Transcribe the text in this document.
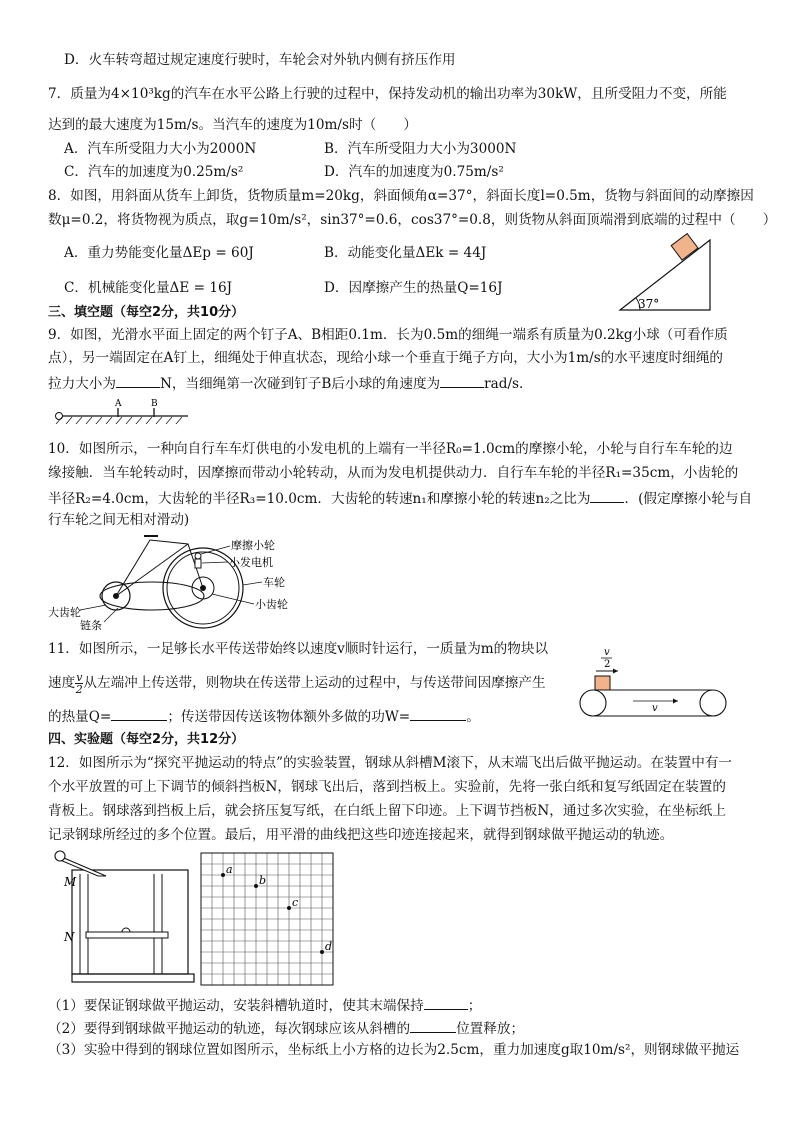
D．火车转弯超过规定速度行驶时，车轮会对外轨内侧有挤压作用
7．质量为4×10³kg的汽车在水平公路上行驶的过程中，保持发动机的输出功率为30kW，且所受阻力不变，所能
达到的最大速度为15m/s。当汽车的速度为10m/s时（　　）
A．汽车所受阻力大小为2000N	B．汽车所受阻力大小为3000N
C．汽车的加速度为0.25m/s²	D．汽车的加速度为0.75m/s²
8．如图，用斜面从货车上卸货，货物质量m=20kg，斜面倾角α=37°，斜面长度l=0.5m，货物与斜面间的动摩擦因
数μ=0.2，将货物视为质点，取g=10m/s²，sin37°=0.6，cos37°=0.8，则货物从斜面顶端滑到底端的过程中（　　）
A．重力势能变化量ΔEp = 60J	B．动能变化量ΔEk = 44J
C．机械能变化量ΔE = 16J	D．因摩擦产生的热量Q=16J
37°
三、填空题（每空2分，共10分）
9．如图，光滑水平面上固定的两个钉子A、B相距0.1m．长为0.5m的细绳一端系有质量为0.2kg小球（可看作质
点），另一端固定在A钉上，细绳处于伸直状态，现给小球一个垂直于绳子方向，大小为1m/s的水平速度时细绳的
拉力大小为	N，当细绳第一次碰到钉子B后小球的角速度为	rad/s.
A	B
10．如图所示，一种向自行车车灯供电的小发电机的上端有一半径R₀=1.0cm的摩擦小轮，小轮与自行车车轮的边
缘接触．当车轮转动时，因摩擦而带动小轮转动，从而为发电机提供动力．自行车车轮的半径R₁=35cm，小齿轮的
半径R₂=4.0cm，大齿轮的半径R₃=10.0cm．大齿轮的转速n₁和摩擦小轮的转速n₂之比为	．(假定摩擦小轮与自
行车轮之间无相对滑动)
摩擦小轮
小发电机
车轮
小齿轮
大齿轮
链条
11．如图所示，一足够长水平传送带始终以速度v顺时针运行，一质量为m的物块以
速度 $\frac{v}{2}$ 从左端冲上传送带，则物块在传送带上运动的过程中，与传送带间因摩擦产生
的热量Q=	；传送带因传送该物体额外多做的功W=	。
v
2
v
四、实验题（每空2分，共12分）
12．如图所示为“探究平抛运动的特点”的实验装置，钢球从斜槽M滚下，从末端飞出后做平抛运动。在装置中有一
个水平放置的可上下调节的倾斜挡板N，钢球飞出后，落到挡板上。实验前，先将一张白纸和复写纸固定在装置的
背板上。钢球落到挡板上后，就会挤压复写纸，在白纸上留下印迹。上下调节挡板N，通过多次实验，在坐标纸上
记录钢球所经过的多个位置。最后，用平滑的曲线把这些印迹连接起来，就得到钢球做平抛运动的轨迹。
M
N
a
b
c
d
（1）要保证钢球做平抛运动，安装斜槽轨道时，使其末端保持	；
（2）要得到钢球做平抛运动的轨迹，每次钢球应该从斜槽的	位置释放；
（3）实验中得到的钢球位置如图所示，坐标纸上小方格的边长为2.5cm，重力加速度g取10m/s²，则钢球做平抛运
